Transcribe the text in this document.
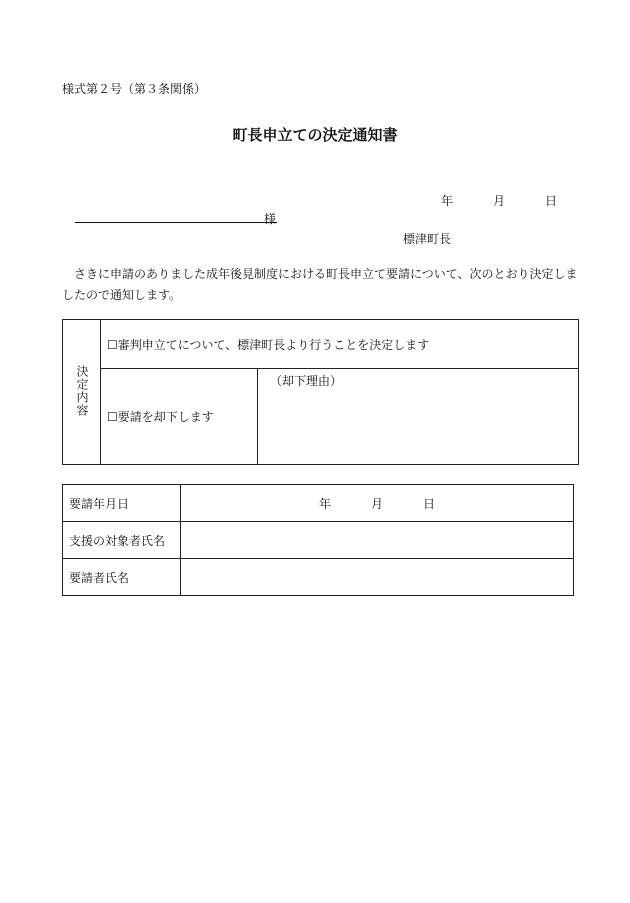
様式第２号（第３条関係）
町長申立ての決定通知書
年	月	日
様
標津町長
さきに申請のありました成年後見制度における町長申立て要請について、次のとおり決定しましたので通知します。
決定内容	☐審判申立てについて、標津町長より行うことを決定します	
	☐要請を却下します	（却下理由）
要請年月日	年 月 日
支援の対象者氏名	
要請者氏名	
